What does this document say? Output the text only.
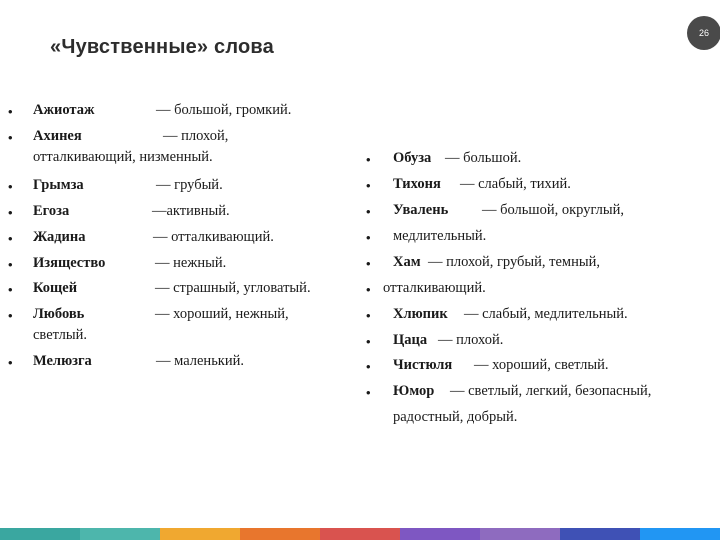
26
«Чувственные» слова
• Ажиотаж	— большой, громкий.
• Ахинея	— плохой,
отталкивающий, низменный.
• Грымза	— грубый.
• Егоза	—активный.
• Жадина	— отталкивающий.
• Изящество	— нежный.
• Кощей	— страшный, угловатый.
• Любовь	— хороший, нежный,
светлый.
• Мелюзга	— маленький.
• Обуза — большой.
• Тихоня — слабый, тихий.
• Увалень — большой, округлый,
• медлительный.
• Хам — плохой, грубый, темный,
• отталкивающий.
• Хлюпик — слабый, медлительный.
• Цаца — плохой.
• Чистюля — хороший, светлый.
• Юмор — светлый, легкий, безопасный,
радостный, добрый.
